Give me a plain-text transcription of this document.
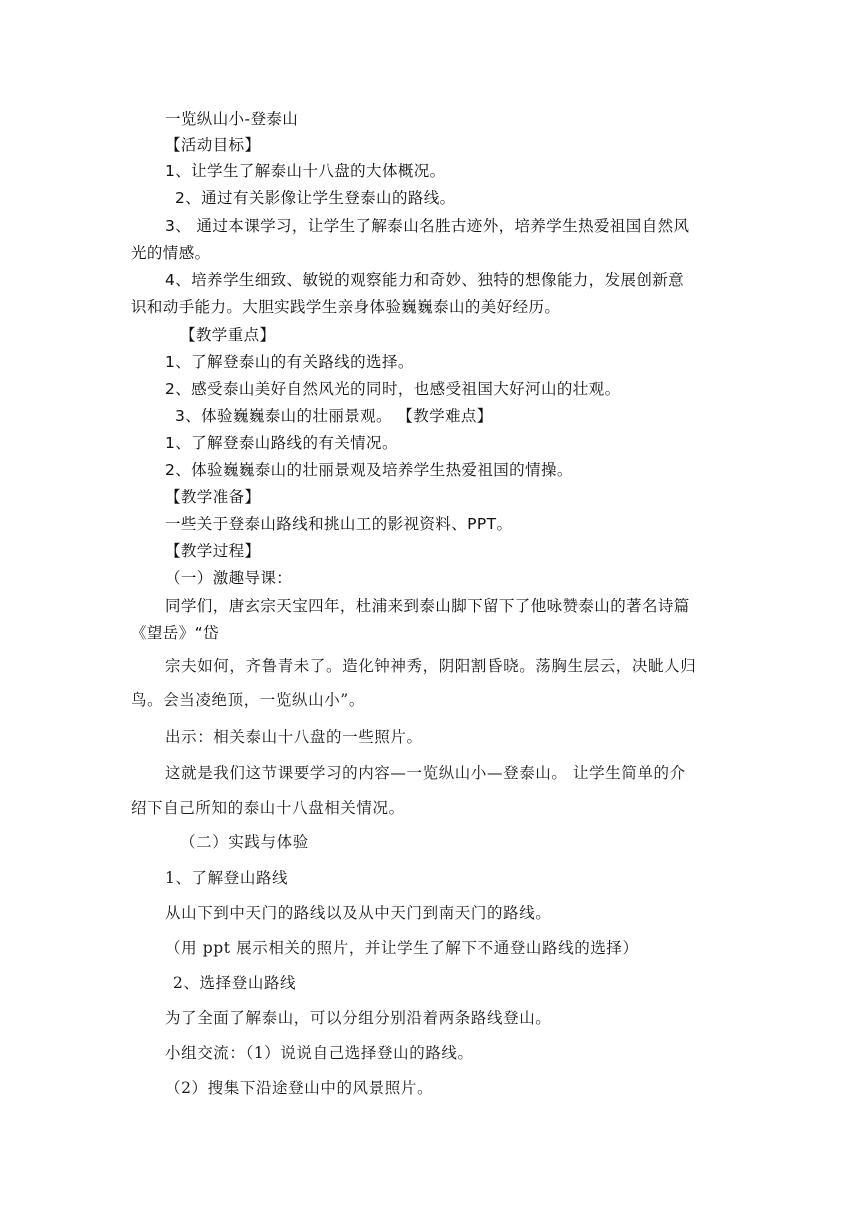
一览纵山小-登泰山
【活动目标】
1、让学生了解泰山十八盘的大体概况。
2、通过有关影像让学生登泰山的路线。
3、 通过本课学习，让学生了解泰山名胜古迹外，培养学生热爱祖国自然风
光的情感。
4、培养学生细致、敏锐的观察能力和奇妙、独特的想像能力，发展创新意
识和动手能力。大胆实践学生亲身体验巍巍泰山的美好经历。
【教学重点】
1、了解登泰山的有关路线的选择。
2、感受泰山美好自然风光的同时，也感受祖国大好河山的壮观。
3、体验巍巍泰山的壮丽景观。 【教学难点】
1、了解登泰山路线的有关情况。
2、体验巍巍泰山的壮丽景观及培养学生热爱祖国的情操。
【教学准备】
一些关于登泰山路线和挑山工的影视资料、PPT。
【教学过程】
（一）激趣导课：
同学们，唐玄宗天宝四年，杜浦来到泰山脚下留下了他咏赞泰山的著名诗篇
《望岳》“岱
宗夫如何，齐鲁青未了。造化钟神秀，阴阳割昏晓。荡胸生层云，决眦人归
鸟。会当凌绝顶，一览纵山小”。
出示：相关泰山十八盘的一些照片。
这就是我们这节课要学习的内容—一览纵山小—登泰山。 让学生简单的介
绍下自己所知的泰山十八盘相关情况。
（二）实践与体验
1、了解登山路线
从山下到中天门的路线以及从中天门到南天门的路线。
（用 ppt 展示相关的照片，并让学生了解下不通登山路线的选择）
2、选择登山路线
为了全面了解泰山，可以分组分别沿着两条路线登山。
小组交流：（1）说说自己选择登山的路线。
（2）搜集下沿途登山中的风景照片。
